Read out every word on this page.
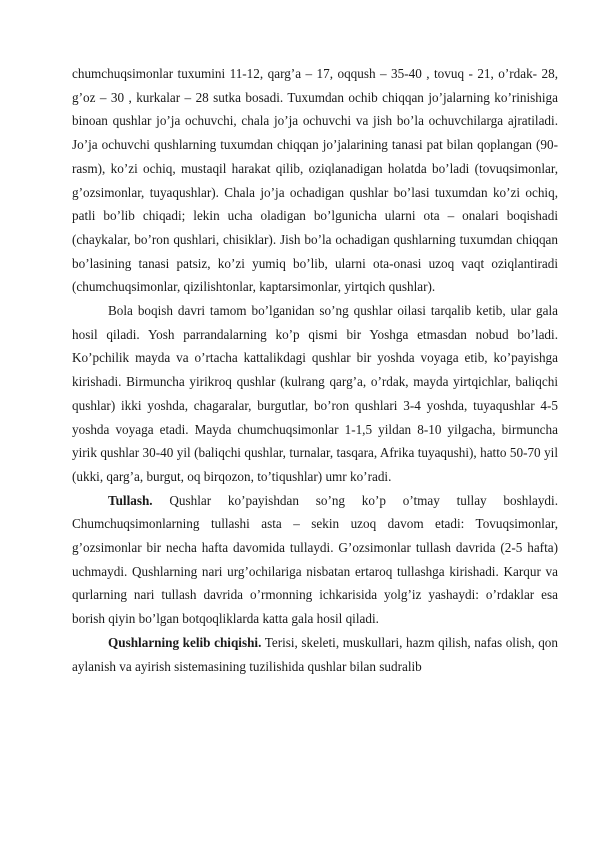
chumchuqsimonlar tuxumini 11-12, qarg’a – 17, oqqush – 35-40 , tovuq - 21, o’rdak- 28, g’oz – 30 , kurkalar – 28 sutka bosadi. Tuxumdan ochib chiqqan jo’jalarning ko’rinishiga binoan qushlar jo’ja ochuvchi, chala jo’ja ochuvchi va jish bo’la ochuvchilarga ajratiladi. Jo’ja ochuvchi qushlarning tuxumdan chiqqan jo’jalarining tanasi pat bilan qoplangan (90-rasm), ko’zi ochiq, mustaqil harakat qilib, oziqlanadigan holatda bo’ladi (tovuqsimonlar, g’ozsimonlar, tuyaqushlar). Chala jo’ja ochadigan qushlar bo’lasi tuxumdan ko’zi ochiq, patli bo’lib chiqadi; lekin ucha oladigan bo’lgunicha ularni ota – onalari boqishadi (chaykalar, bo’ron qushlari, chisiklar). Jish bo’la ochadigan qushlarning tuxumdan chiqqan bo’lasining tanasi patsiz, ko’zi yumiq bo’lib, ularni ota-onasi uzoq vaqt oziqlantiradi (chumchuqsimonlar, qizilishtonlar, kaptarsimonlar, yirtqich qushlar).

Bola boqish davri tamom bo’lganidan so’ng qushlar oilasi tarqalib ketib, ular gala hosil qiladi. Yosh parrandalarning ko’p qismi bir Yoshga etmasdan nobud bo’ladi. Ko’pchilik mayda va o’rtacha kattalikdagi qushlar bir yoshda voyaga etib, ko’payishga kirishadi. Birmuncha yirikroq qushlar (kulrang qarg’a, o’rdak, mayda yirtqichlar, baliqchi qushlar) ikki yoshda, chagaralar, burgutlar, bo’ron qushlari 3-4 yoshda, tuyaqushlar 4-5 yoshda voyaga etadi. Mayda chumchuqsimonlar 1-1,5 yildan 8-10 yilgacha, birmuncha yirik qushlar 30-40 yil (baliqchi qushlar, turnalar, tasqara, Afrika tuyaqushi), hatto 50-70 yil (ukki, qarg’a, burgut, oq birqozon, to’tiqushlar) umr ko’radi.

Tullash. Qushlar ko’payishdan so’ng ko’p o’tmay tullay boshlaydi. Chumchuqsimonlarning tullashi asta – sekin uzoq davom etadi: Tovuqsimonlar, g’ozsimonlar bir necha hafta davomida tullaydi. G’ozsimonlar tullash davrida (2-5 hafta) uchmaydi. Qushlarning nari urg’ochilariga nisbatan ertaroq tullashga kirishadi. Karqur va qurlarning nari tullash davrida o’rmonning ichkarisida yolg’iz yashaydi: o’rdaklar esa borish qiyin bo’lgan botqoqliklarda katta gala hosil qiladi.

Qushlarning kelib chiqishi. Terisi, skeleti, muskullari, hazm qilish, nafas olish, qon aylanish va ayirish sistemasining tuzilishida qushlar bilan sudralib
